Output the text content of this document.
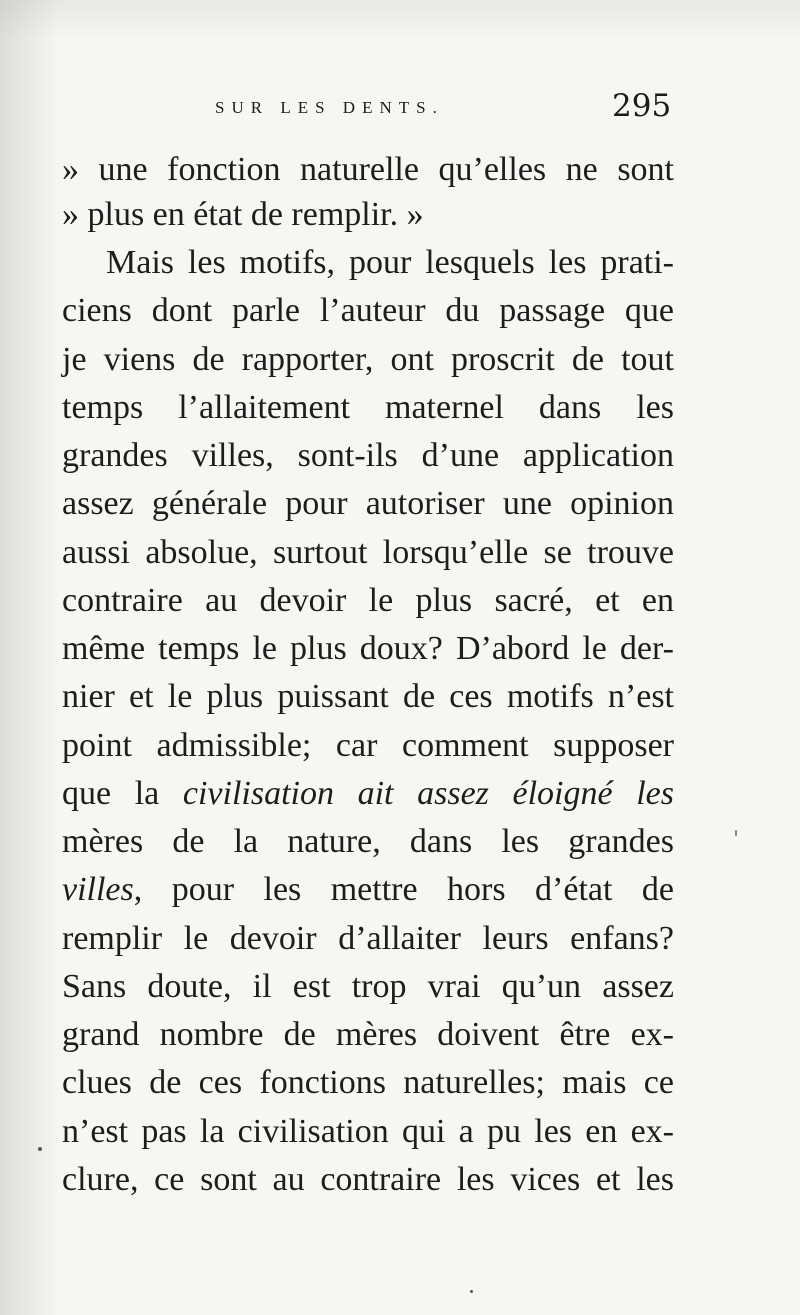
SUR LES DENTS.	295
» une fonction naturelle qu’elles ne sont
» plus en état de remplir. »
Mais les motifs, pour lesquels les prati-
ciens dont parle l’auteur du passage que
je viens de rapporter, ont proscrit de tout
temps l’allaitement maternel dans les
grandes villes, sont-ils d’une application
assez générale pour autoriser une opinion
aussi absolue, surtout lorsqu’elle se trouve
contraire au devoir le plus sacré, et en
même temps le plus doux? D’abord le der-
nier et le plus puissant de ces motifs n’est
point admissible; car comment supposer
que la civilisation ait assez éloigné les
mères de la nature, dans les grandes
villes, pour les mettre hors d’état de
remplir le devoir d’allaiter leurs enfans?
Sans doute, il est trop vrai qu’un assez
grand nombre de mères doivent être ex-
clues de ces fonctions naturelles; mais ce
n’est pas la civilisation qui a pu les en ex-
clure, ce sont au contraire les vices et les
